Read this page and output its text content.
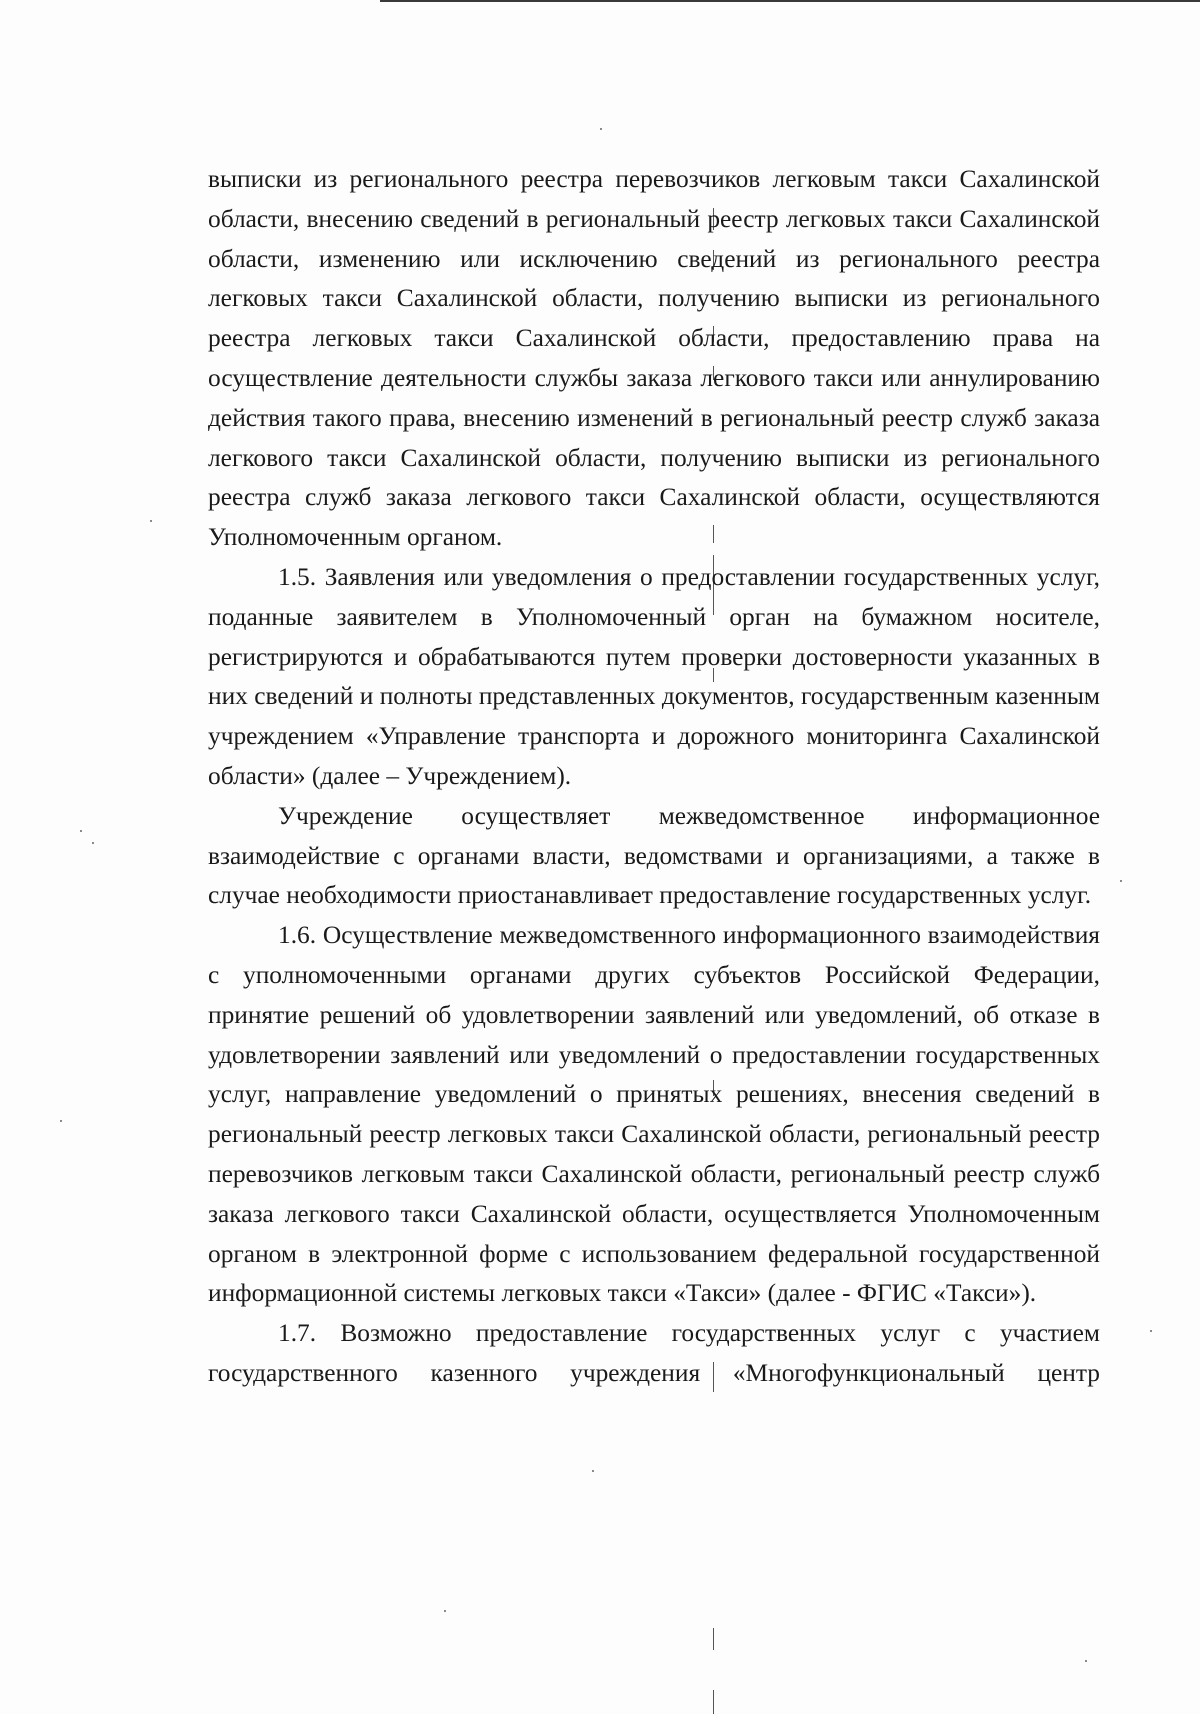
выписки из регионального реестра перевозчиков легковым такси Сахалинской области, внесению сведений в региональный реестр легковых такси Сахалинской области, изменению или исключению сведений из регионального реестра легковых такси Сахалинской области, получению выписки из регионального реестра легковых такси Сахалинской области, предоставлению права на осуществление деятельности службы заказа легкового такси или аннулированию действия такого права, внесению изменений в региональный реестр служб заказа легкового такси Сахалинской области, получению выписки из регионального реестра служб заказа легкового такси Сахалинской области, осуществляются Уполномоченным органом.

1.5. Заявления или уведомления о предоставлении государственных услуг, поданные заявителем в Уполномоченный орган на бумажном носителе, регистрируются и обрабатываются путем проверки достоверности указанных в них сведений и полноты представленных документов, государственным казенным учреждением «Управление транспорта и дорожного мониторинга Сахалинской области» (далее – Учреждением).

Учреждение осуществляет межведомственное информационное взаимодействие с органами власти, ведомствами и организациями, а также в случае необходимости приостанавливает предоставление государственных услуг.

1.6. Осуществление межведомственного информационного взаимодействия с уполномоченными органами других субъектов Российской Федерации, принятие решений об удовлетворении заявлений или уведомлений, об отказе в удовлетворении заявлений или уведомлений о предоставлении государственных услуг, направление уведомлений о принятых решениях, внесения сведений в региональный реестр легковых такси Сахалинской области, региональный реестр перевозчиков легковым такси Сахалинской области, региональный реестр служб заказа легкового такси Сахалинской области, осуществляется Уполномоченным органом в электронной форме с использованием федеральной государственной информационной системы легковых такси «Такси» (далее - ФГИС «Такси»).

1.7. Возможно предоставление государственных услуг с участием государственного казенного учреждения «Многофункциональный центр
